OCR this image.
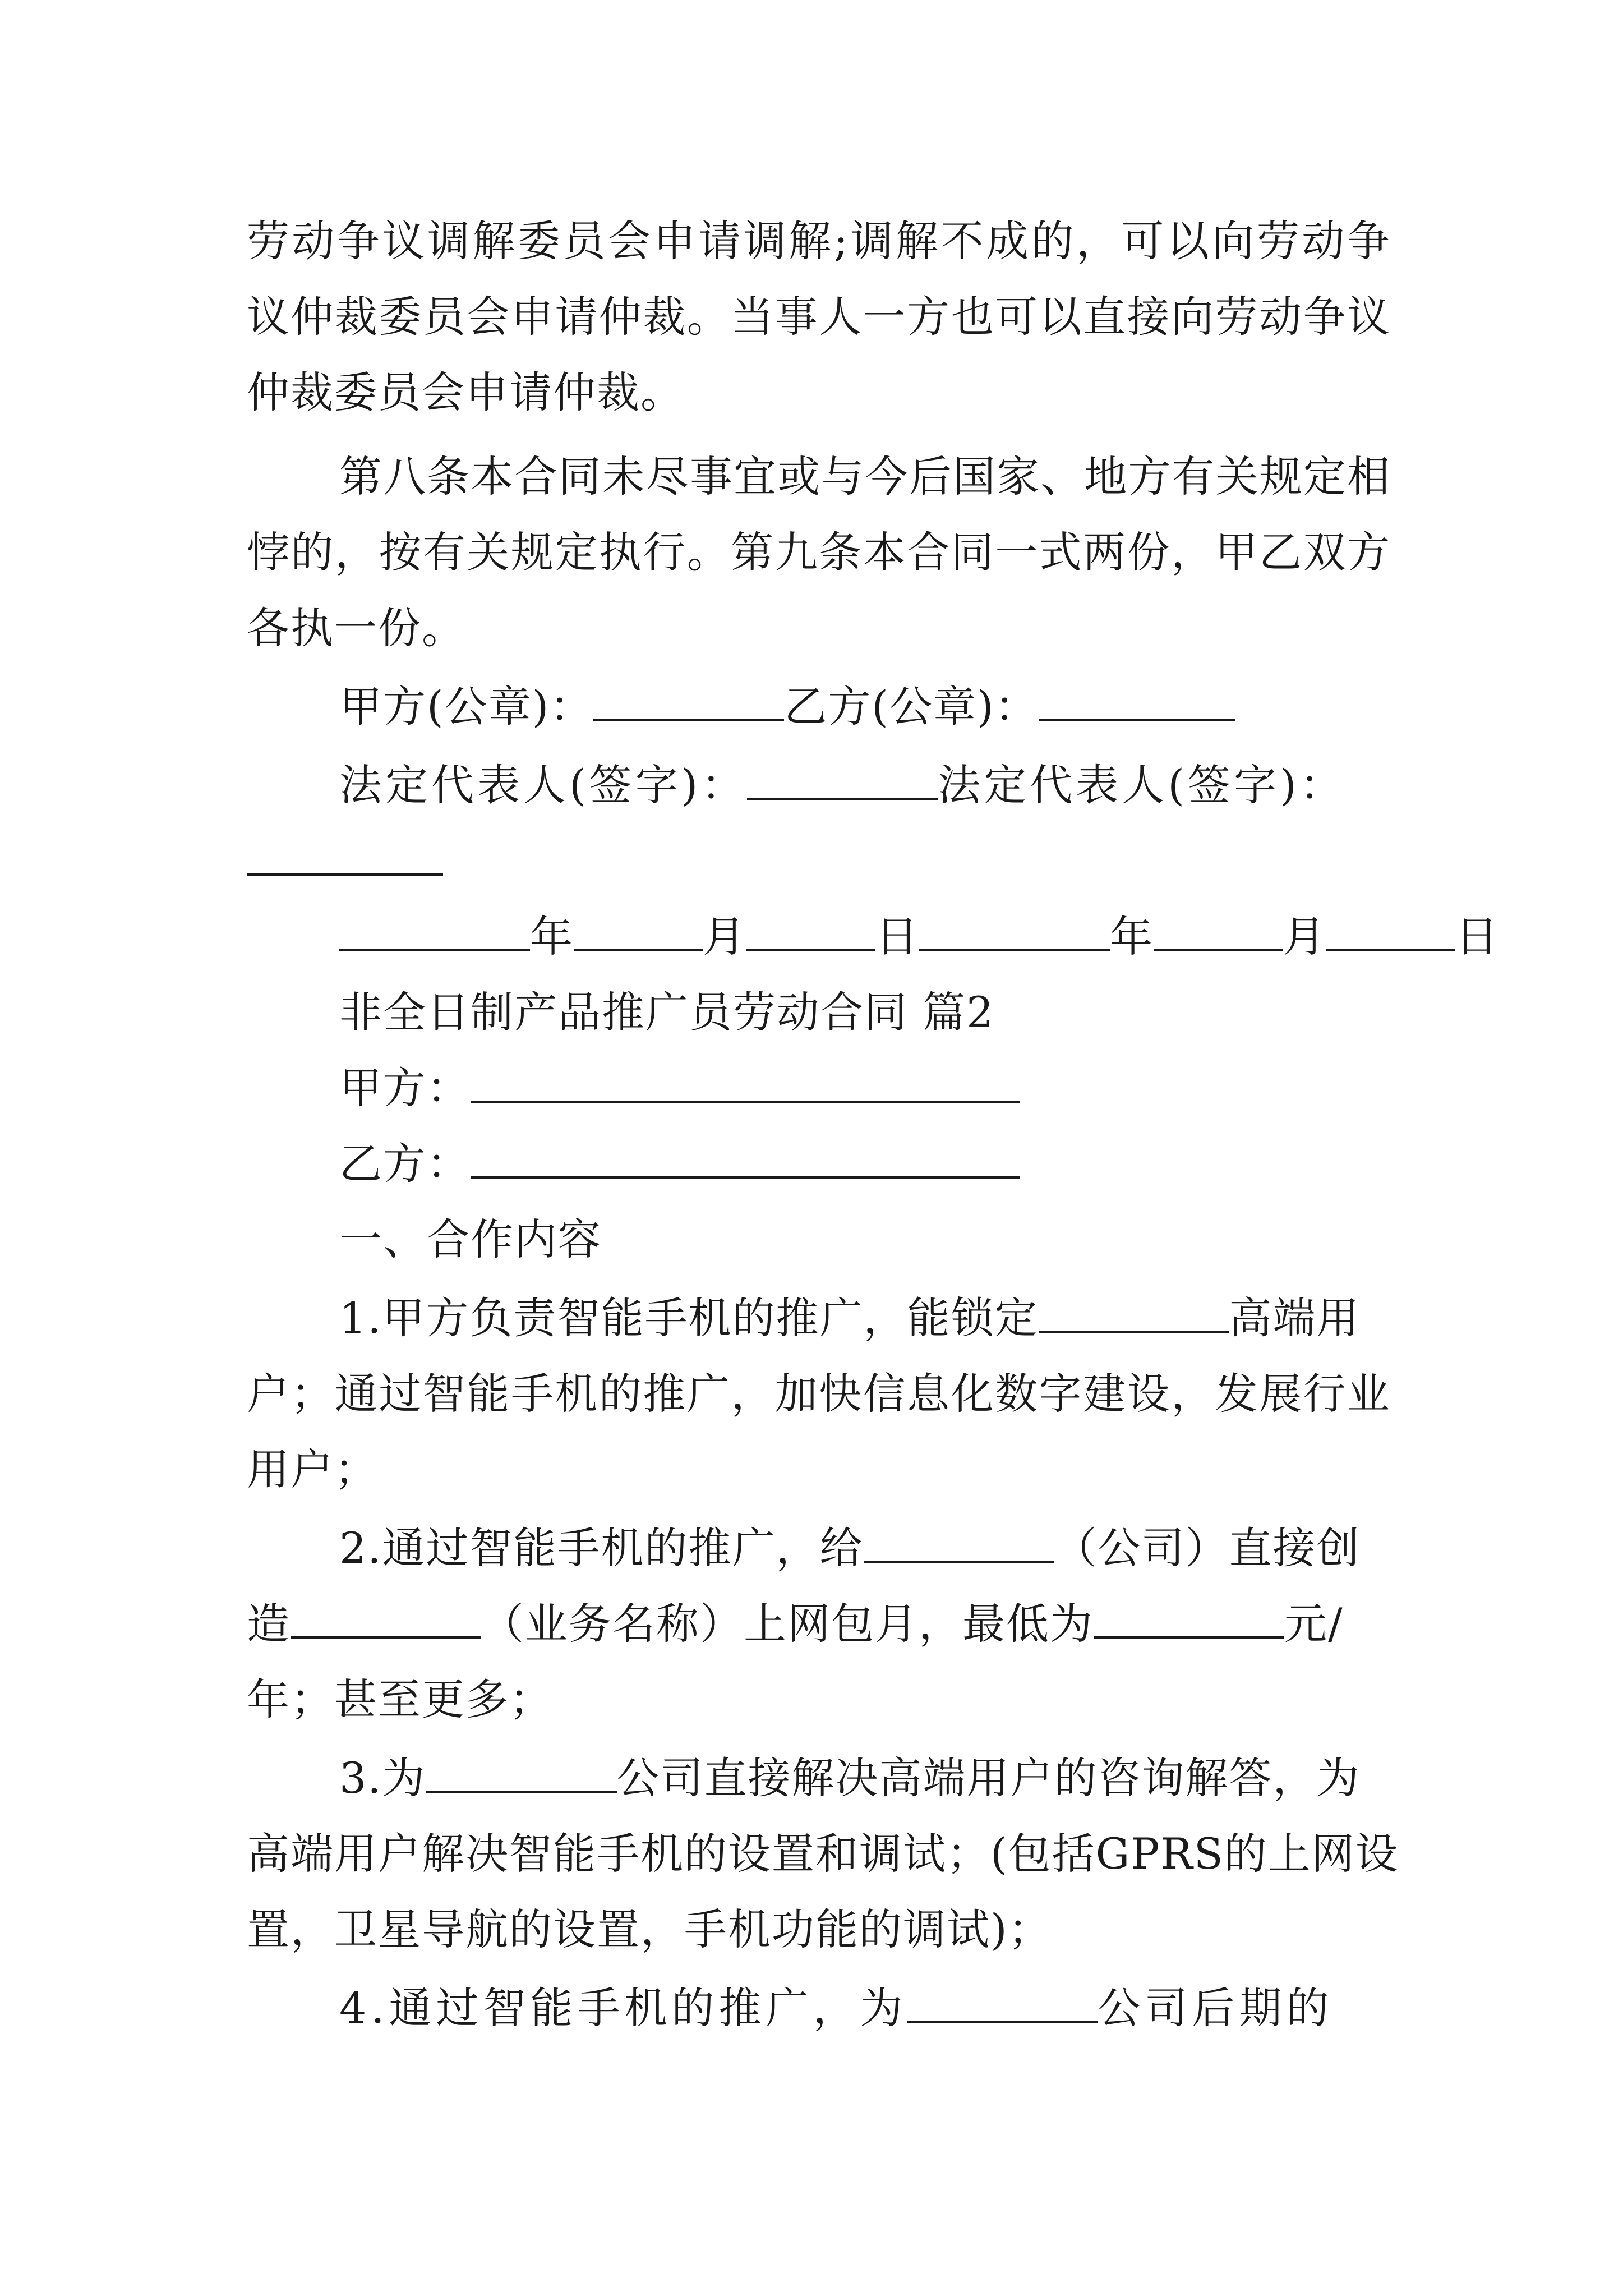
劳动争议调解委员会申请调解;调解不成的，可以向劳动争
议仲裁委员会申请仲裁。当事人一方也可以直接向劳动争议
仲裁委员会申请仲裁。
第八条本合同未尽事宜或与今后国家、地方有关规定相
悖的，按有关规定执行。第九条本合同一式两份，甲乙双方
各执一份。
甲方(公章)：	乙方(公章)：
法定代表人(签字)：	法定代表人(签字)：
年	月	日	年	月	日
非全日制产品推广员劳动合同 篇2
甲方：
乙方：
一、合作内容
1.甲方负责智能手机的推广，能锁定	高端用
户；通过智能手机的推广，加快信息化数字建设，发展行业
用户；
2.通过智能手机的推广，给	（公司）直接创
造	（业务名称）上网包月，最低为	元/
年；甚至更多；
3.为	公司直接解决高端用户的咨询解答，为
高端用户解决智能手机的设置和调试；(包括GPRS的上网设
置，卫星导航的设置，手机功能的调试)；
4.通过智能手机的推广，为	公司后期的
